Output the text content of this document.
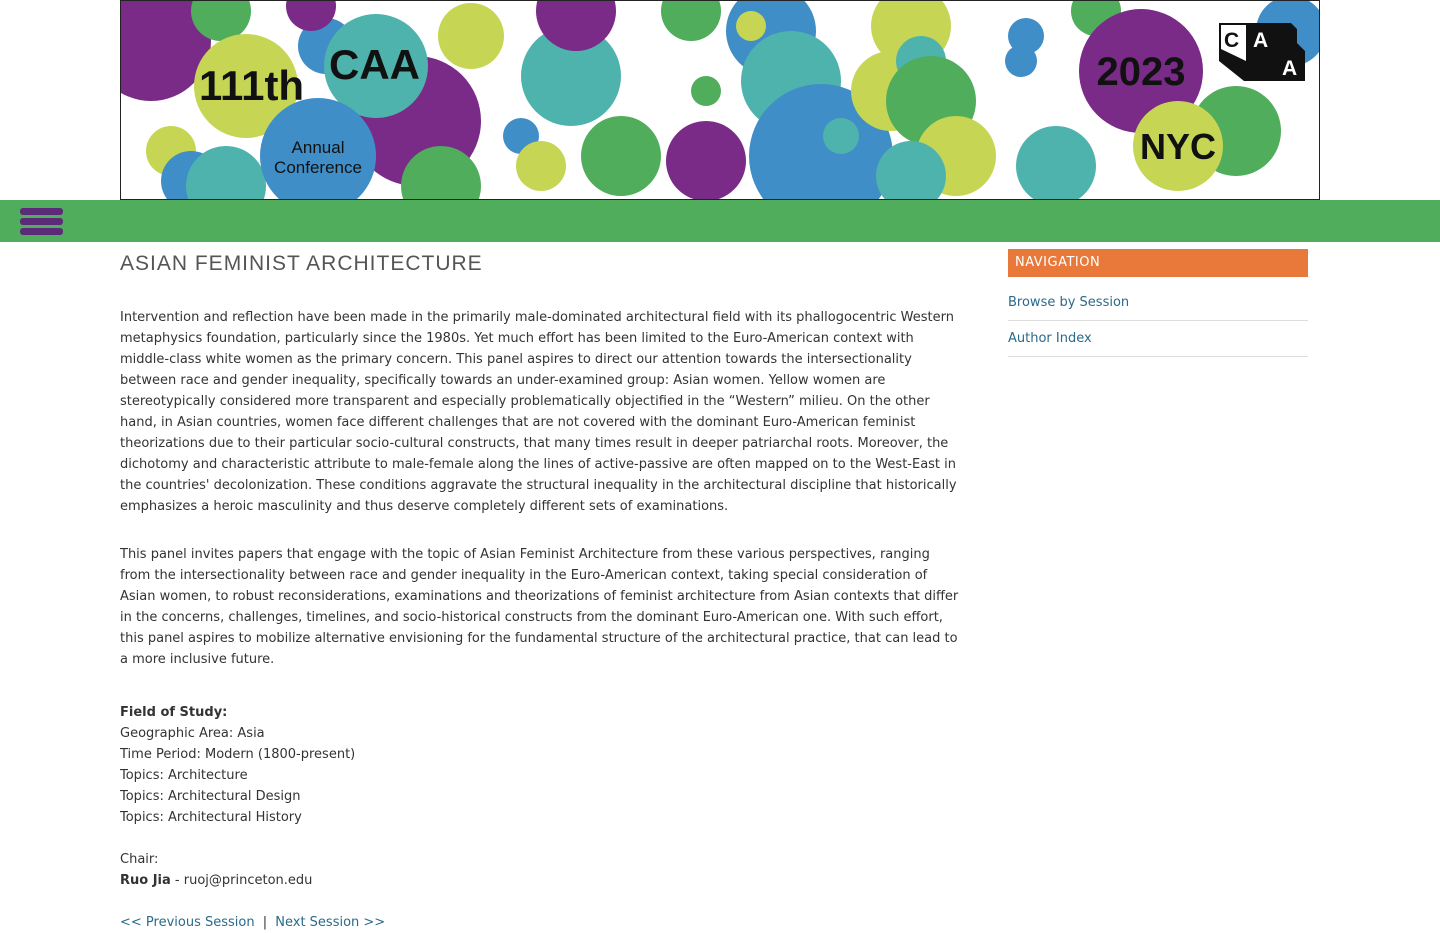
111th CAA
Annual
Conference
2023
NYC
C A
A
ASIAN FEMINIST ARCHITECTURE

Intervention and reflection have been made in the primarily male-dominated architectural field with its phallogocentric Western metaphysics foundation, particularly since the 1980s. Yet much effort has been limited to the Euro-American context with middle-class white women as the primary concern. This panel aspires to direct our attention towards the intersectionality between race and gender inequality, specifically towards an under-examined group: Asian women. Yellow women are stereotypically considered more transparent and especially problematically objectified in the “Western” milieu. On the other hand, in Asian countries, women face different challenges that are not covered with the dominant Euro-American feminist theorizations due to their particular socio-cultural constructs, that many times result in deeper patriarchal roots. Moreover, the dichotomy and characteristic attribute to male-female along the lines of active-passive are often mapped on to the West-East in the countries' decolonization. These conditions aggravate the structural inequality in the architectural discipline that historically emphasizes a heroic masculinity and thus deserve completely different sets of examinations.

This panel invites papers that engage with the topic of Asian Feminist Architecture from these various perspectives, ranging from the intersectionality between race and gender inequality in the Euro-American context, taking special consideration of Asian women, to robust reconsiderations, examinations and theorizations of feminist architecture from Asian contexts that differ in the concerns, challenges, timelines, and socio-historical constructs from the dominant Euro-American one. With such effort, this panel aspires to mobilize alternative envisioning for the fundamental structure of the architectural practice, that can lead to a more inclusive future.

Field of Study:
Geographic Area: Asia
Time Period: Modern (1800-present)
Topics: Architecture
Topics: Architectural Design
Topics: Architectural History
Chair:
Ruo Jia - ruoj@princeton.edu
<< Previous Session | Next Session >>
NAVIGATION
Browse by Session
Author Index
